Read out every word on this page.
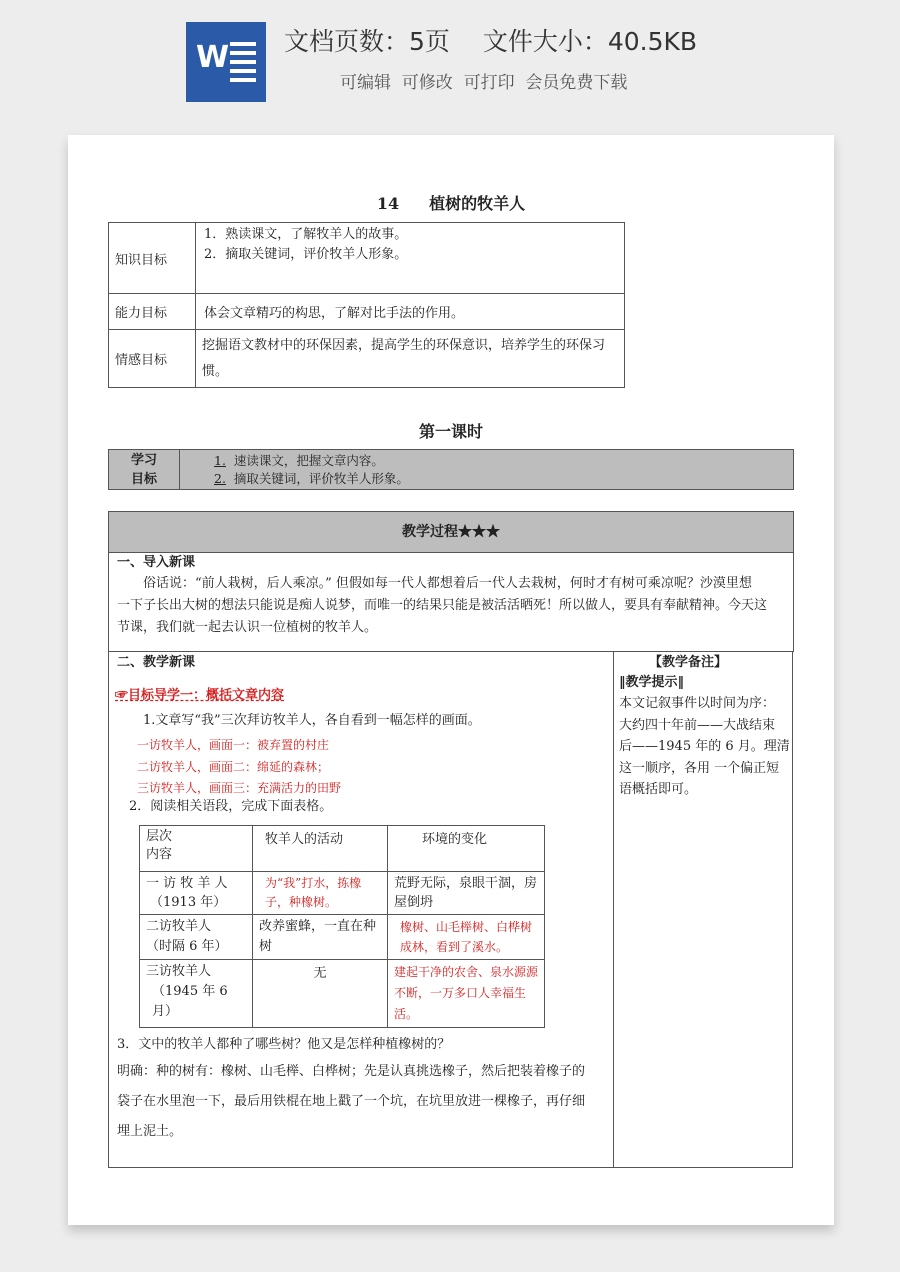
W 文档页数：5页　 文件大小：40.5KB
可编辑  可修改  可打印  会员免费下载
14 植树的牧羊人
知识目标	1．熟读课文，了解牧羊人的故事。
2．摘取关键词，评价牧羊人形象。

能力目标	体会文章精巧的构思，了解对比手法的作用。
情感目标	挖掘语文教材中的环保因素，提高学生的环保意识，培养学生的环保习惯。
第一课时
学习
目标

1. 速读课文，把握文章内容。
2. 摘取关键词，评价牧羊人形象。
教学过程★★★
一、导入新课
俗话说：“前人栽树，后人乘凉。” 但假如每一代人都想着后一代人去栽树，何时才有树可乘凉呢？沙漠里想
一下子长出大树的想法只能说是痴人说梦，而唯一的结果只能是被活活晒死！所以做人，要具有奉献精神。今天这
节课，我们就一起去认识一位植树的牧羊人。
二、教学新课
☞目标导学一：概括文章内容
1.文章写“我”三次拜访牧羊人，各自看到一幅怎样的画面。
一访牧羊人，画面一：被弃置的村庄
二访牧羊人，画面二：绵延的森林；
三访牧羊人，画面三：充满活力的田野
2．阅读相关语段，完成下面表格。
层次
内容	牧羊人的活动	环境的变化

一 访 牧 羊 人
（1913 年）	为“我”打水，拣橡子，种橡树。	荒野无际，泉眼干涸，房屋倒坍

二访牧羊人
（时隔 6 年）	改养蜜蜂，一直在种树	橡树、山毛榉树、白桦树成林，看到了溪水。

三访牧羊人
（1945 年 6 月）	无	建起干净的农舍、泉水源源不断，一万多口人幸福生活。
3．文中的牧羊人都种了哪些树？他又是怎样种植橡树的？
明确：种的树有：橡树、山毛榉、白桦树；先是认真挑选橡子，然后把装着橡子的
袋子在水里泡一下，最后用铁棍在地上戳了一个坑，在坑里放进一棵橡子，再仔细
埋上泥土。
【教学备注】
‖教学提示‖
本文记叙事件以时间为序：
大约四十年前——大战结束
后——1945 年的 6 月。理清
这一顺序，各用 一个偏正短
语概括即可。
